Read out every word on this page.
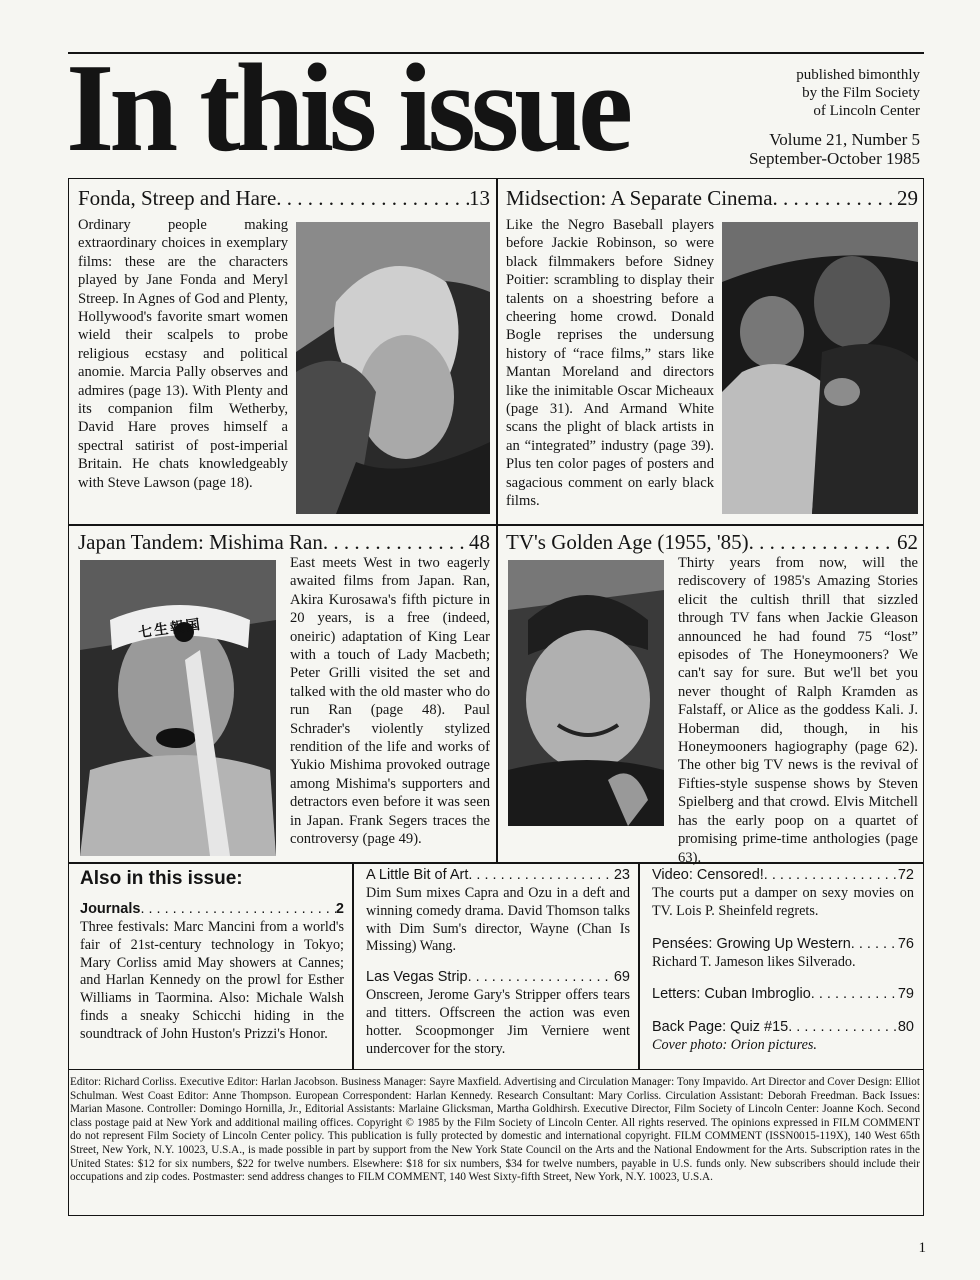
In this issue	published bimonthly
by the Film Society
of Lincoln Center
Volume 21, Number 5
September-October 1985
Fonda, Streep and Hare . . .	13
Ordinary people making extraordinary choices in exemplary films: these are the characters played by Jane Fonda and Meryl Streep. In Agnes of God and Plenty, Hollywood's favorite smart women wield their scalpels to probe religious ecstasy and political anomie. Marcia Pally observes and admires (page 13). With Plenty and its companion film Wetherby, David Hare proves himself a spectral satirist of post-imperial Britain. He chats knowledgeably with Steve Lawson (page 18).
Midsection: A Separate Cinema . . .	29
Like the Negro Baseball players before Jackie Robinson, so were black filmmakers before Sidney Poitier: scrambling to display their talents on a shoestring before a cheering home crowd. Donald Bogle reprises the undersung history of “race films,” stars like Mantan Moreland and directors like the inimitable Oscar Micheaux (page 31). And Armand White scans the plight of black artists in an “integrated” industry (page 39). Plus ten color pages of posters and sagacious comment on early black films.
Japan Tandem: Mishima Ran . . .	48
七生報国
East meets West in two eagerly awaited films from Japan. Ran, Akira Kurosawa's fifth picture in 20 years, is a free (indeed, oneiric) adaptation of King Lear with a touch of Lady Macbeth; Peter Grilli visited the set and talked with the old master who do run Ran (page 48). Paul Schrader's violently stylized rendition of the life and works of Yukio Mishima provoked outrage among Mishima's supporters and detractors even before it was seen in Japan. Frank Segers traces the controversy (page 49).
TV's Golden Age (1955, '85) . . .	62
Thirty years from now, will the rediscovery of 1985's Amazing Stories elicit the cultish thrill that sizzled through TV fans when Jackie Gleason announced he had found 75 “lost” episodes of The Honeymooners? We can't say for sure. But we'll bet you never thought of Ralph Kramden as Falstaff, or Alice as the goddess Kali. J. Hoberman did, though, in his Honeymooners hagiography (page 62). The other big TV news is the revival of Fifties-style suspense shows by Steven Spielberg and that crowd. Elvis Mitchell has the early poop on a quartet of promising prime-time anthologies (page 63).
Also in this issue:
Journals . . .	2
Three festivals: Marc Mancini from a world's fair of 21st-century technology in Tokyo; Mary Corliss amid May showers at Cannes; and Harlan Kennedy on the prowl for Esther Williams in Taormina. Also: Michale Walsh finds a sneaky Schicchi hiding in the soundtrack of John Huston's Prizzi's Honor.
A Little Bit of Art . . .	23
Dim Sum mixes Capra and Ozu in a deft and winning comedy drama. David Thomson talks with Dim Sum's director, Wayne (Chan Is Missing) Wang.
Las Vegas Strip . . .	69
Onscreen, Jerome Gary's Stripper offers tears and titters. Offscreen the action was even hotter. Scoopmonger Jim Verniere went undercover for the story.
Video: Censored! . . .	72
The courts put a damper on sexy movies on TV. Lois P. Sheinfeld regrets.
Pensées: Growing Up Western . . .	76
Richard T. Jameson likes Silverado.
Letters: Cuban Imbroglio . . .	79
Back Page: Quiz #15 . . .	80
Cover photo: Orion pictures.
Editor: Richard Corliss. Executive Editor: Harlan Jacobson. Business Manager: Sayre Maxfield. Advertising and Circulation Manager: Tony Impavido. Art Director and Cover Design: Elliot Schulman. West Coast Editor: Anne Thompson. European Correspondent: Harlan Kennedy. Research Consultant: Mary Corliss. Circulation Assistant: Deborah Freedman. Back Issues: Marian Masone. Controller: Domingo Hornilla, Jr., Editorial Assistants: Marlaine Glicksman, Martha Goldhirsh. Executive Director, Film Society of Lincoln Center: Joanne Koch. Second class postage paid at New York and additional mailing offices. Copyright © 1985 by the Film Society of Lincoln Center. All rights reserved. The opinions expressed in FILM COMMENT do not represent Film Society of Lincoln Center policy. This publication is fully protected by domestic and international copyright. FILM COMMENT (ISSN0015-119X), 140 West 65th Street, New York, N.Y. 10023, U.S.A., is made possible in part by support from the New York State Council on the Arts and the National Endowment for the Arts. Subscription rates in the United States: $12 for six numbers, $22 for twelve numbers. Elsewhere: $18 for six numbers, $34 for twelve numbers, payable in U.S. funds only. New subscribers should include their occupations and zip codes. Postmaster: send address changes to FILM COMMENT, 140 West Sixty-fifth Street, New York, N.Y. 10023, U.S.A.
1
